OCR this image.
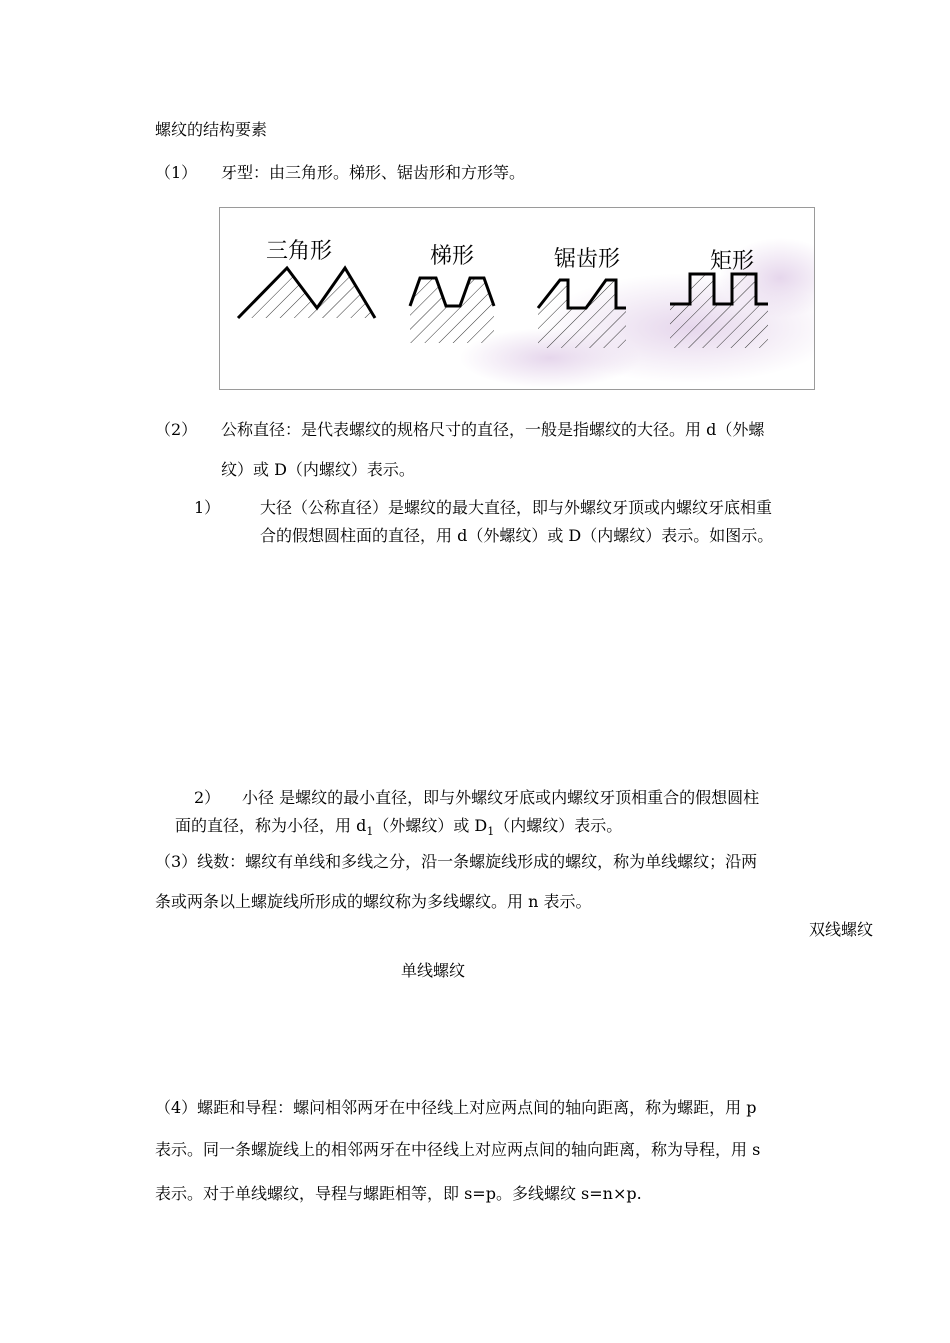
螺纹的结构要素
（1） 牙型：由三角形。梯形、锯齿形和方形等。
三角形	梯形	锯齿形	矩形
（2） 公称直径：是代表螺纹的规格尺寸的直径，一般是指螺纹的大径。用 d（外螺
纹）或 D（内螺纹）表示。
1） 大径（公称直径）是螺纹的最大直径，即与外螺纹牙顶或内螺纹牙底相重
合的假想圆柱面的直径，用 d（外螺纹）或 D（内螺纹）表示。如图示。
2） 小径 是螺纹的最小直径，即与外螺纹牙底或内螺纹牙顶相重合的假想圆柱
面的直径，称为小径，用 $d_1$（外螺纹）或 $D_1$（内螺纹）表示。
（3）线数：螺纹有单线和多线之分，沿一条螺旋线形成的螺纹，称为单线螺纹；沿两
条或两条以上螺旋线所形成的螺纹称为多线螺纹。用 n 表示。
双线螺纹
单线螺纹
（4）螺距和导程：螺问相邻两牙在中径线上对应两点间的轴向距离，称为螺距，用 p
表示。同一条螺旋线上的相邻两牙在中径线上对应两点间的轴向距离，称为导程，用 s
表示。对于单线螺纹，导程与螺距相等，即 s=p。多线螺纹 s=n×p.
